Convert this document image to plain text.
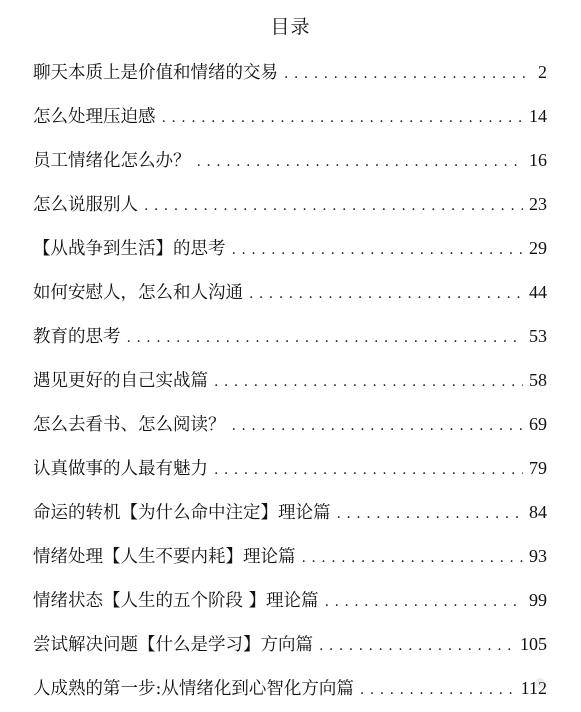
目录
聊天本质上是价值和情绪的交易 . . .	2
怎么处理压迫感 . . .	14
员工情绪化怎么办？ . . .	16
怎么说服别人 . . .	23
【从战争到生活】的思考 . . .	29
如何安慰人，怎么和人沟通 . . .	44
教育的思考 . . .	53
遇见更好的自己实战篇 . . .	58
怎么去看书、怎么阅读？ . . .	69
认真做事的人最有魅力 . . .	79
命运的转机【为什么命中注定】理论篇 . . .	84
情绪处理【人生不要内耗】理论篇 . . .	93
情绪状态【人生的五个阶段 】理论篇 . . .	99
尝试解决问题【什么是学习】方向篇 . . .	105
人成熟的第一步:从情绪化到心智化方向篇 . . .	112
